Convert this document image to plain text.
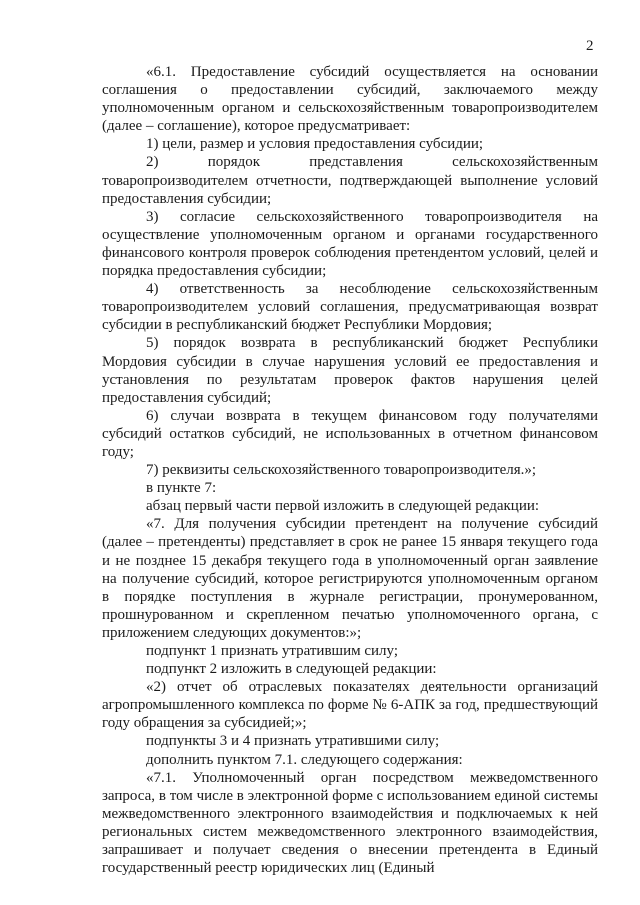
2

«6.1. Предоставление субсидий осуществляется на основании соглашения о предоставлении субсидий, заключаемого между уполномоченным органом и сельскохозяйственным товаропроизводителем (далее – соглашение), которое предусматривает:

1) цели, размер и условия предоставления субсидии;

2) порядок представления сельскохозяйственным товаропроизводителем отчетности, подтверждающей выполнение условий предоставления субсидии;

3) согласие сельскохозяйственного товаропроизводителя на осуществление уполномоченным органом и органами государственного финансового контроля проверок соблюдения претендентом условий, целей и порядка предоставления субсидии;

4) ответственность за несоблюдение сельскохозяйственным товаропроизводителем условий соглашения, предусматривающая возврат субсидии в республиканский бюджет Республики Мордовия;

5) порядок возврата в республиканский бюджет Республики Мордовия субсидии в случае нарушения условий ее предоставления и установления по результатам проверок фактов нарушения целей предоставления субсидий;

6) случаи возврата в текущем финансовом году получателями субсидий остатков субсидий, не использованных в отчетном финансовом году;

7) реквизиты сельскохозяйственного товаропроизводителя.»;

в пункте 7:

абзац первый части первой изложить в следующей редакции:

«7. Для получения субсидии претендент на получение субсидий (далее – претенденты) представляет в срок не ранее 15 января текущего года и не позднее 15 декабря текущего года в уполномоченный орган заявление на получение субсидий, которое регистрируются уполномоченным органом в порядке поступления в журнале регистрации, пронумерованном, прошнурованном и скрепленном печатью уполномоченного органа, с приложением следующих документов:»;

подпункт 1 признать утратившим силу;

подпункт 2 изложить в следующей редакции:

«2) отчет об отраслевых показателях деятельности организаций агропромышленного комплекса по форме № 6-АПК за год, предшествующий году обращения за субсидией;»;

подпункты 3 и 4 признать утратившими силу;

дополнить пунктом 7.1. следующего содержания:

«7.1. Уполномоченный орган посредством межведомственного запроса, в том числе в электронной форме с использованием единой системы межведомственного электронного взаимодействия и подключаемых к ней региональных систем межведомственного электронного взаимодействия, запрашивает и получает сведения о внесении претендента в Единый государственный реестр юридических лиц (Единый
